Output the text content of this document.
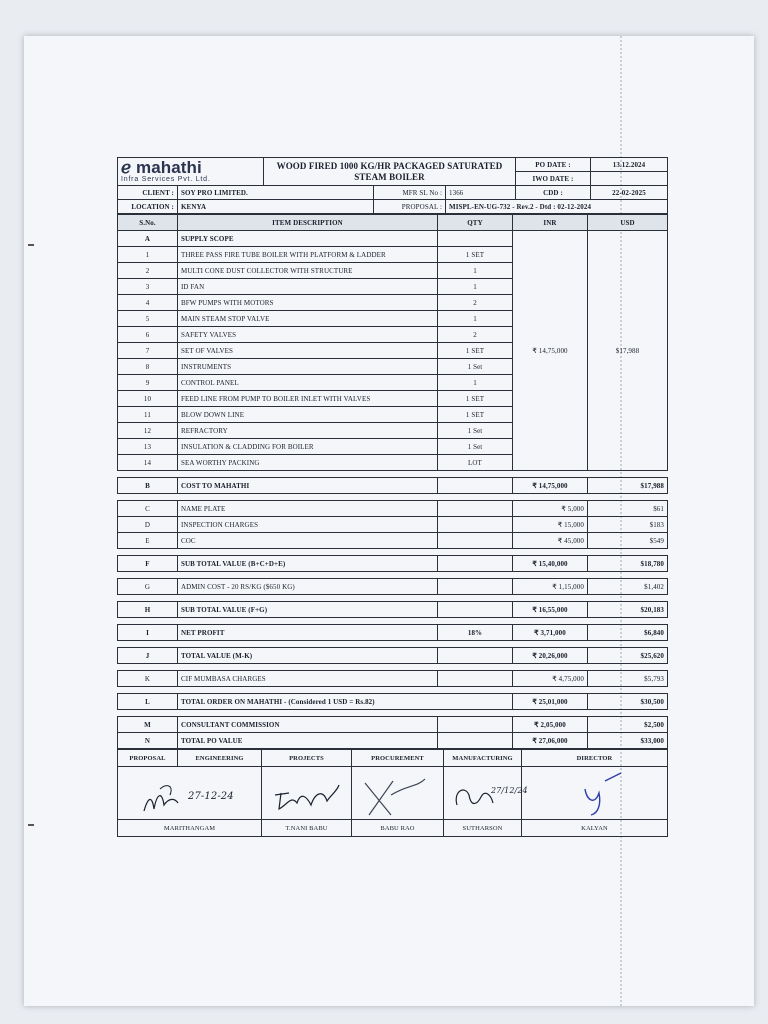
ℯ mahathi
Infra Services Pvt. Ltd.		WOOD FIRED 1000 KG/HR PACKAGED SATURATED STEAM BOILER			PO DATE :	13.12.2024
					IWO DATE :	
CLIENT :	SOY PRO LIMITED.		MFR SL No :	1366	CDD :	22-02-2025
LOCATION :	KENYA		PROPOSAL :	MISPL-EN-UG-732 - Rev.2 - Dtd : 02-12-2024		
S.No.	ITEM DESCRIPTION	QTY	INR	USD
A	SUPPLY SCOPE		₹ 14,75,000	$17,988
1	THREE PASS FIRE TUBE BOILER WITH PLATFORM & LADDER	1 SET		
2	MULTI CONE DUST COLLECTOR WITH STRUCTURE	1		
3	ID FAN	1		
4	BFW PUMPS WITH MOTORS	2		
5	MAIN STEAM STOP VALVE	1		
6	SAFETY VALVES	2		
7	SET OF VALVES	1 SET		
8	INSTRUMENTS	1 Set		
9	CONTROL PANEL	1		
10	FEED LINE FROM PUMP TO BOILER INLET WITH VALVES	1 SET		
11	BLOW DOWN LINE	1 SET		
12	REFRACTORY	1 Set		
13	INSULATION & CLADDING FOR BOILER	1 Set		
14	SEA WORTHY PACKING	LOT		

B	COST TO MAHATHI		₹ 14,75,000	$17,988

C	NAME PLATE		₹ 5,000	$61
D	INSPECTION CHARGES		₹ 15,000	$183
E	COC		₹ 45,000	$549

F	SUB TOTAL VALUE (B+C+D+E)		₹ 15,40,000	$18,780

G	ADMIN COST - 20 RS/KG ($650 KG)		₹ 1,15,000	$1,402

H	SUB TOTAL VALUE (F+G)		₹ 16,55,000	$20,183

I	NET PROFIT	18%	₹ 3,71,000	$6,840

J	TOTAL VALUE (M-K)		₹ 20,26,000	$25,620

K	CIF MUMBASA CHARGES		₹ 4,75,000	$5,793

L	TOTAL ORDER ON MAHATHI - (Considered 1 USD = Rs.82)		₹ 25,01,000	$30,500

M	CONSULTANT COMMISSION		₹ 2,05,000	$2,500
N	TOTAL PO VALUE		₹ 27,06,000	$33,000
PROPOSAL	ENGINEERING	PROJECTS	PROCUREMENT	MANUFACTURING	DIRECTOR

27-12-24				27/12/24

MARITHANGAM		T.NANI BABU	BABU RAO	SUTHARSON	KALYAN
